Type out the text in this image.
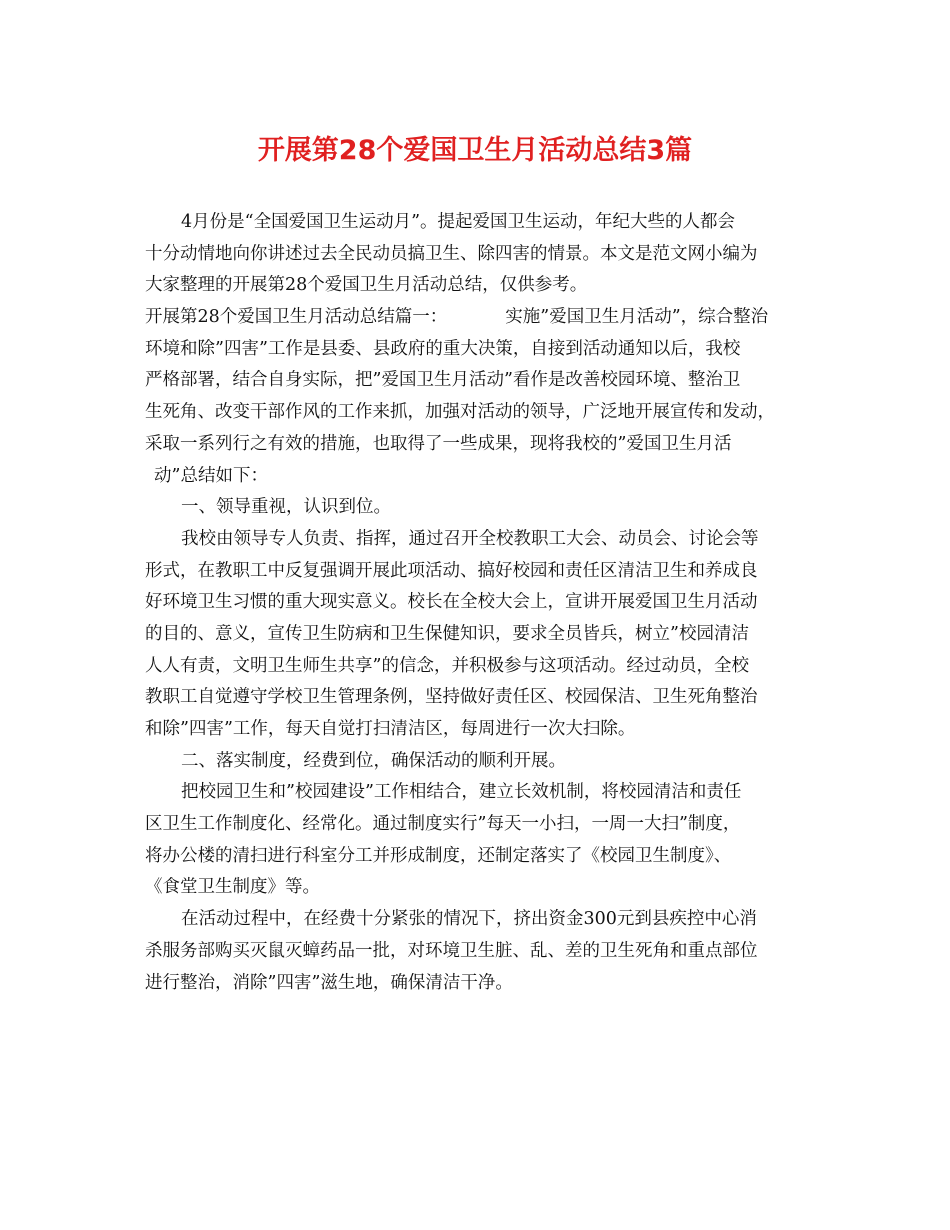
开展第28个爱国卫生月活动总结3篇
4月份是“全国爱国卫生运动月”。提起爱国卫生运动，年纪大些的人都会
十分动情地向你讲述过去全民动员搞卫生、除四害的情景。本文是范文网小编为
大家整理的开展第28个爱国卫生月活动总结，仅供参考。
开展第28个爱国卫生月活动总结篇一：	实施”爱国卫生月活动”，综合整治
环境和除”四害”工作是县委、县政府的重大决策，自接到活动通知以后，我校
严格部署，结合自身实际，把”爱国卫生月活动”看作是改善校园环境、整治卫
生死角、改变干部作风的工作来抓，加强对活动的领导，广泛地开展宣传和发动，
采取一系列行之有效的措施，也取得了一些成果，现将我校的”爱国卫生月活
动”总结如下：
一、领导重视，认识到位。
我校由领导专人负责、指挥，通过召开全校教职工大会、动员会、讨论会等
形式，在教职工中反复强调开展此项活动、搞好校园和责任区清洁卫生和养成良
好环境卫生习惯的重大现实意义。校长在全校大会上，宣讲开展爱国卫生月活动
的目的、意义，宣传卫生防病和卫生保健知识，要求全员皆兵，树立”校园清洁
人人有责，文明卫生师生共享”的信念，并积极参与这项活动。经过动员，全校
教职工自觉遵守学校卫生管理条例，坚持做好责任区、校园保洁、卫生死角整治
和除”四害”工作，每天自觉打扫清洁区，每周进行一次大扫除。
二、落实制度，经费到位，确保活动的顺利开展。
把校园卫生和”校园建设”工作相结合，建立长效机制，将校园清洁和责任
区卫生工作制度化、经常化。通过制度实行”每天一小扫，一周一大扫”制度，
将办公楼的清扫进行科室分工并形成制度，还制定落实了《校园卫生制度》、
《食堂卫生制度》等。
在活动过程中，在经费十分紧张的情况下，挤出资金300元到县疾控中心消
杀服务部购买灭鼠灭蟑药品一批，对环境卫生脏、乱、差的卫生死角和重点部位
进行整治，消除”四害”滋生地，确保清洁干净。
